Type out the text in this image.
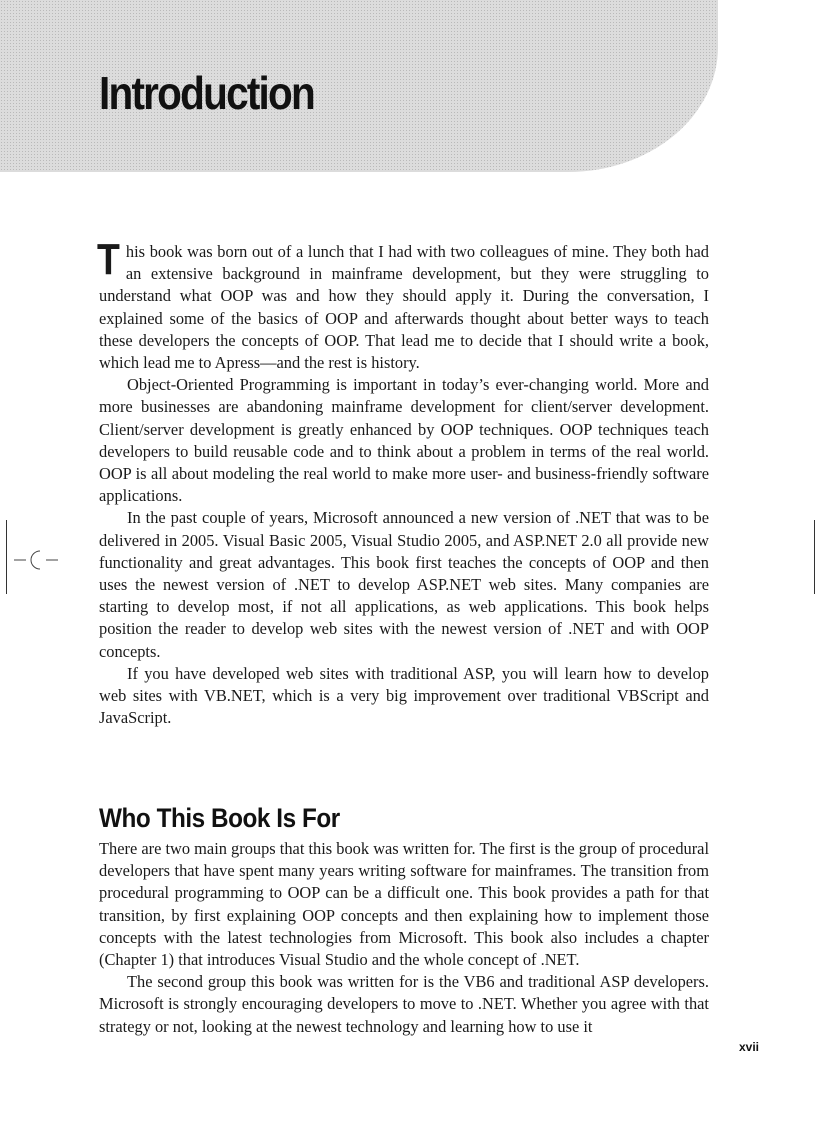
Introduction

This book was born out of a lunch that I had with two colleagues of mine. They both had an extensive background in mainframe development, but they were struggling to understand what OOP was and how they should apply it. During the conversation, I explained some of the basics of OOP and afterwards thought about better ways to teach these developers the concepts of OOP. That lead me to decide that I should write a book, which lead me to Apress—and the rest is history.

Object-Oriented Programming is important in today’s ever-changing world. More and more businesses are abandoning mainframe development for client/server development. Client/server development is greatly enhanced by OOP techniques. OOP techniques teach developers to build reusable code and to think about a problem in terms of the real world. OOP is all about modeling the real world to make more user- and business-friendly software applications.

In the past couple of years, Microsoft announced a new version of .NET that was to be delivered in 2005. Visual Basic 2005, Visual Studio 2005, and ASP.NET 2.0 all provide new functionality and great advantages. This book first teaches the concepts of OOP and then uses the newest version of .NET to develop ASP.NET web sites. Many companies are starting to develop most, if not all applications, as web applications. This book helps position the reader to develop web sites with the newest version of .NET and with OOP concepts.

If you have developed web sites with traditional ASP, you will learn how to develop web sites with VB.NET, which is a very big improvement over traditional VBScript and JavaScript.

Who This Book Is For

There are two main groups that this book was written for. The first is the group of procedural developers that have spent many years writing software for mainframes. The transition from procedural programming to OOP can be a difficult one. This book provides a path for that transition, by first explaining OOP concepts and then explaining how to implement those concepts with the latest technologies from Microsoft. This book also includes a chapter (Chapter 1) that introduces Visual Studio and the whole concept of .NET.

The second group this book was written for is the VB6 and traditional ASP developers. Microsoft is strongly encouraging developers to move to .NET. Whether you agree with that strategy or not, looking at the newest technology and learning how to use it

xvii
